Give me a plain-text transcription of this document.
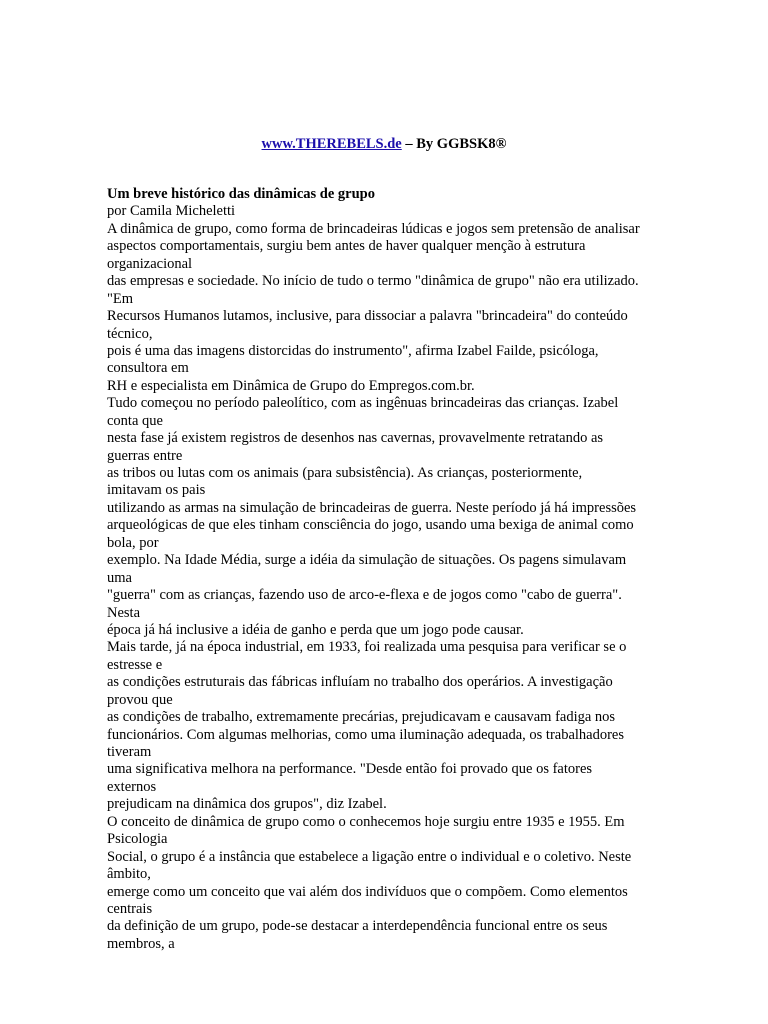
www.THEREBELS.de – By GGBSK8®
Um breve histórico das dinâmicas de grupo
por Camila Micheletti
A dinâmica de grupo, como forma de brincadeiras lúdicas e jogos sem pretensão de analisar
aspectos comportamentais, surgiu bem antes de haver qualquer menção à estrutura
organizacional
das empresas e sociedade. No início de tudo o termo "dinâmica de grupo" não era utilizado.
"Em
Recursos Humanos lutamos, inclusive, para dissociar a palavra "brincadeira" do conteúdo
técnico,
pois é uma das imagens distorcidas do instrumento", afirma Izabel Failde, psicóloga,
consultora em
RH e especialista em Dinâmica de Grupo do Empregos.com.br.
Tudo começou no período paleolítico, com as ingênuas brincadeiras das crianças. Izabel
conta que
nesta fase já existem registros de desenhos nas cavernas, provavelmente retratando as
guerras entre
as tribos ou lutas com os animais (para subsistência). As crianças, posteriormente,
imitavam os pais
utilizando as armas na simulação de brincadeiras de guerra. Neste período já há impressões
arqueológicas de que eles tinham consciência do jogo, usando uma bexiga de animal como
bola, por
exemplo. Na Idade Média, surge a idéia da simulação de situações. Os pagens simulavam
uma
"guerra" com as crianças, fazendo uso de arco-e-flexa e de jogos como "cabo de guerra".
Nesta
época já há inclusive a idéia de ganho e perda que um jogo pode causar.
Mais tarde, já na época industrial, em 1933, foi realizada uma pesquisa para verificar se o
estresse e
as condições estruturais das fábricas influíam no trabalho dos operários. A investigação
provou que
as condições de trabalho, extremamente precárias, prejudicavam e causavam fadiga nos
funcionários. Com algumas melhorias, como uma iluminação adequada, os trabalhadores
tiveram
uma significativa melhora na performance. "Desde então foi provado que os fatores
externos
prejudicam na dinâmica dos grupos", diz Izabel.
O conceito de dinâmica de grupo como o conhecemos hoje surgiu entre 1935 e 1955. Em
Psicologia
Social, o grupo é a instância que estabelece a ligação entre o individual e o coletivo. Neste
âmbito,
emerge como um conceito que vai além dos indivíduos que o compõem. Como elementos
centrais
da definição de um grupo, pode-se destacar a interdependência funcional entre os seus
membros, a
